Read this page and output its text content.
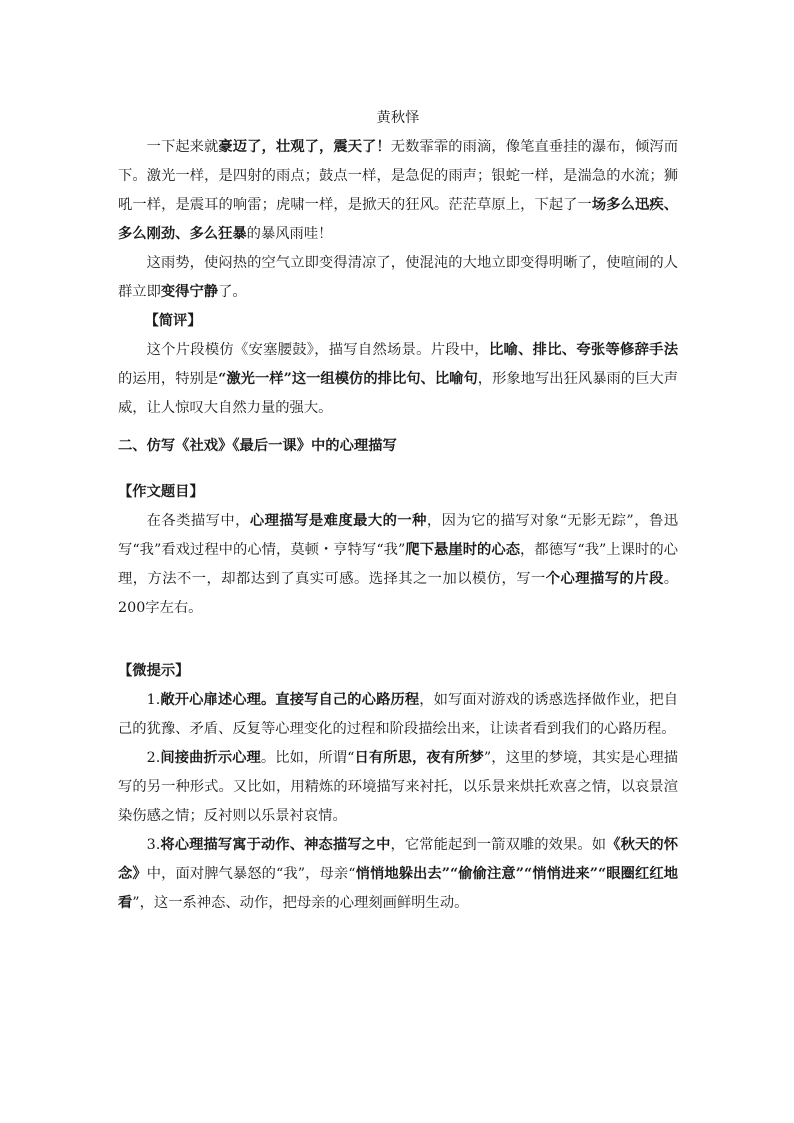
黄秋怿

一下起来就豪迈了，壮观了，震天了！无数霏霏的雨滴，像笔直垂挂的瀑布，倾泻而下。激光一样，是四射的雨点；鼓点一样，是急促的雨声；银蛇一样，是湍急的水流；狮吼一样，是震耳的响雷；虎啸一样，是掀天的狂风。茫茫草原上，下起了一场多么迅疾、多么刚劲、多么狂暴的暴风雨哇！

这雨势，使闷热的空气立即变得清凉了，使混沌的大地立即变得明晰了，使喧闹的人群立即变得宁静了。

【简评】

这个片段模仿《安塞腰鼓》，描写自然场景。片段中，比喻、排比、夸张等修辞手法的运用，特别是“激光一样”这一组模仿的排比句、比喻句，形象地写出狂风暴雨的巨大声威，让人惊叹大自然力量的强大。

二、仿写《社戏》《最后一课》中的心理描写

【作文题目】

在各类描写中，心理描写是难度最大的一种，因为它的描写对象“无影无踪”，鲁迅写“我”看戏过程中的心情，莫顿・亨特写“我”爬下悬崖时的心态，都德写“我”上课时的心理，方法不一，却都达到了真实可感。选择其之一加以模仿，写一个心理描写的片段。200字左右。

【微提示】

1.敞开心扉述心理。直接写自己的心路历程，如写面对游戏的诱惑选择做作业，把自己的犹豫、矛盾、反复等心理变化的过程和阶段描绘出来，让读者看到我们的心路历程。

2.间接曲折示心理。比如，所谓“日有所思，夜有所梦”，这里的梦境，其实是心理描写的另一种形式。又比如，用精炼的环境描写来衬托，以乐景来烘托欢喜之情，以哀景渲染伤感之情；反衬则以乐景衬哀情。

3.将心理描写寓于动作、神态描写之中，它常能起到一箭双雕的效果。如《秋天的怀念》中，面对脾气暴怒的“我”，母亲“悄悄地躲出去”“偷偷注意”“悄悄进来”“眼圈红红地看”，这一系神态、动作，把母亲的心理刻画鲜明生动。
